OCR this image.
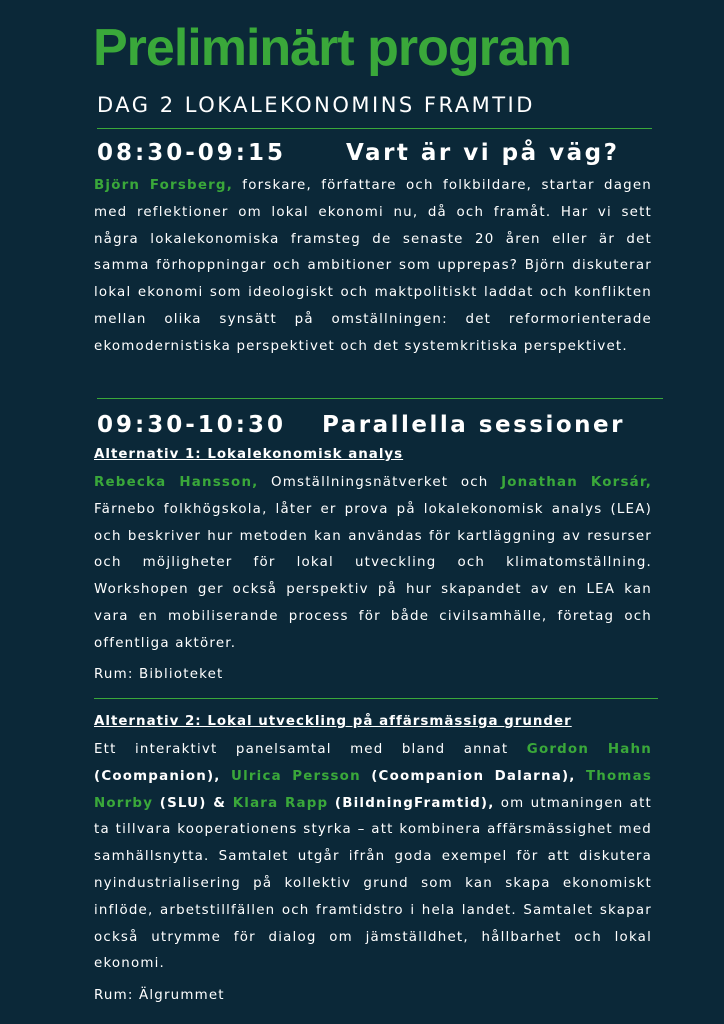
Preliminärt program
DAG 2 LOKALEKONOMINS FRAMTID
08:30-09:15	Vart är vi på väg?

Björn Forsberg, forskare, författare och folkbildare, startar dagen med reflektioner om lokal ekonomi nu, då och framåt. Har vi sett några lokalekonomiska framsteg de senaste 20 åren eller är det samma förhoppningar och ambitioner som upprepas? Björn diskuterar lokal ekonomi som ideologiskt och maktpolitiskt laddat och konflikten mellan olika synsätt på omställningen: det reformorienterade ekomodernistiska perspektivet och det systemkritiska perspektivet.

09:30-10:30 Parallella sessioner
Alternativ 1: Lokalekonomisk analys

Rebecka Hansson, Omställningsnätverket och Jonathan Korsár, Färnebo folkhögskola, låter er prova på lokalekonomisk analys (LEA) och beskriver hur metoden kan användas för kartläggning av resurser och möjligheter för lokal utveckling och klimatomställning. Workshopen ger också perspektiv på hur skapandet av en LEA kan vara en mobiliserande process för både civilsamhälle, företag och offentliga aktörer.

Rum: Biblioteket
Alternativ 2: Lokal utveckling på affärsmässiga grunder

Ett interaktivt panelsamtal med bland annat Gordon Hahn (Coompanion), Ulrica Persson (Coompanion Dalarna), Thomas Norrby (SLU) & Klara Rapp (BildningFramtid), om utmaningen att ta tillvara kooperationens styrka – att kombinera affärsmässighet med samhällsnytta. Samtalet utgår ifrån goda exempel för att diskutera nyindustrialisering på kollektiv grund som kan skapa ekonomiskt inflöde, arbetstillfällen och framtidstro i hela landet. Samtalet skapar också utrymme för dialog om jämställdhet, hållbarhet och lokal ekonomi.

Rum: Älgrummet
